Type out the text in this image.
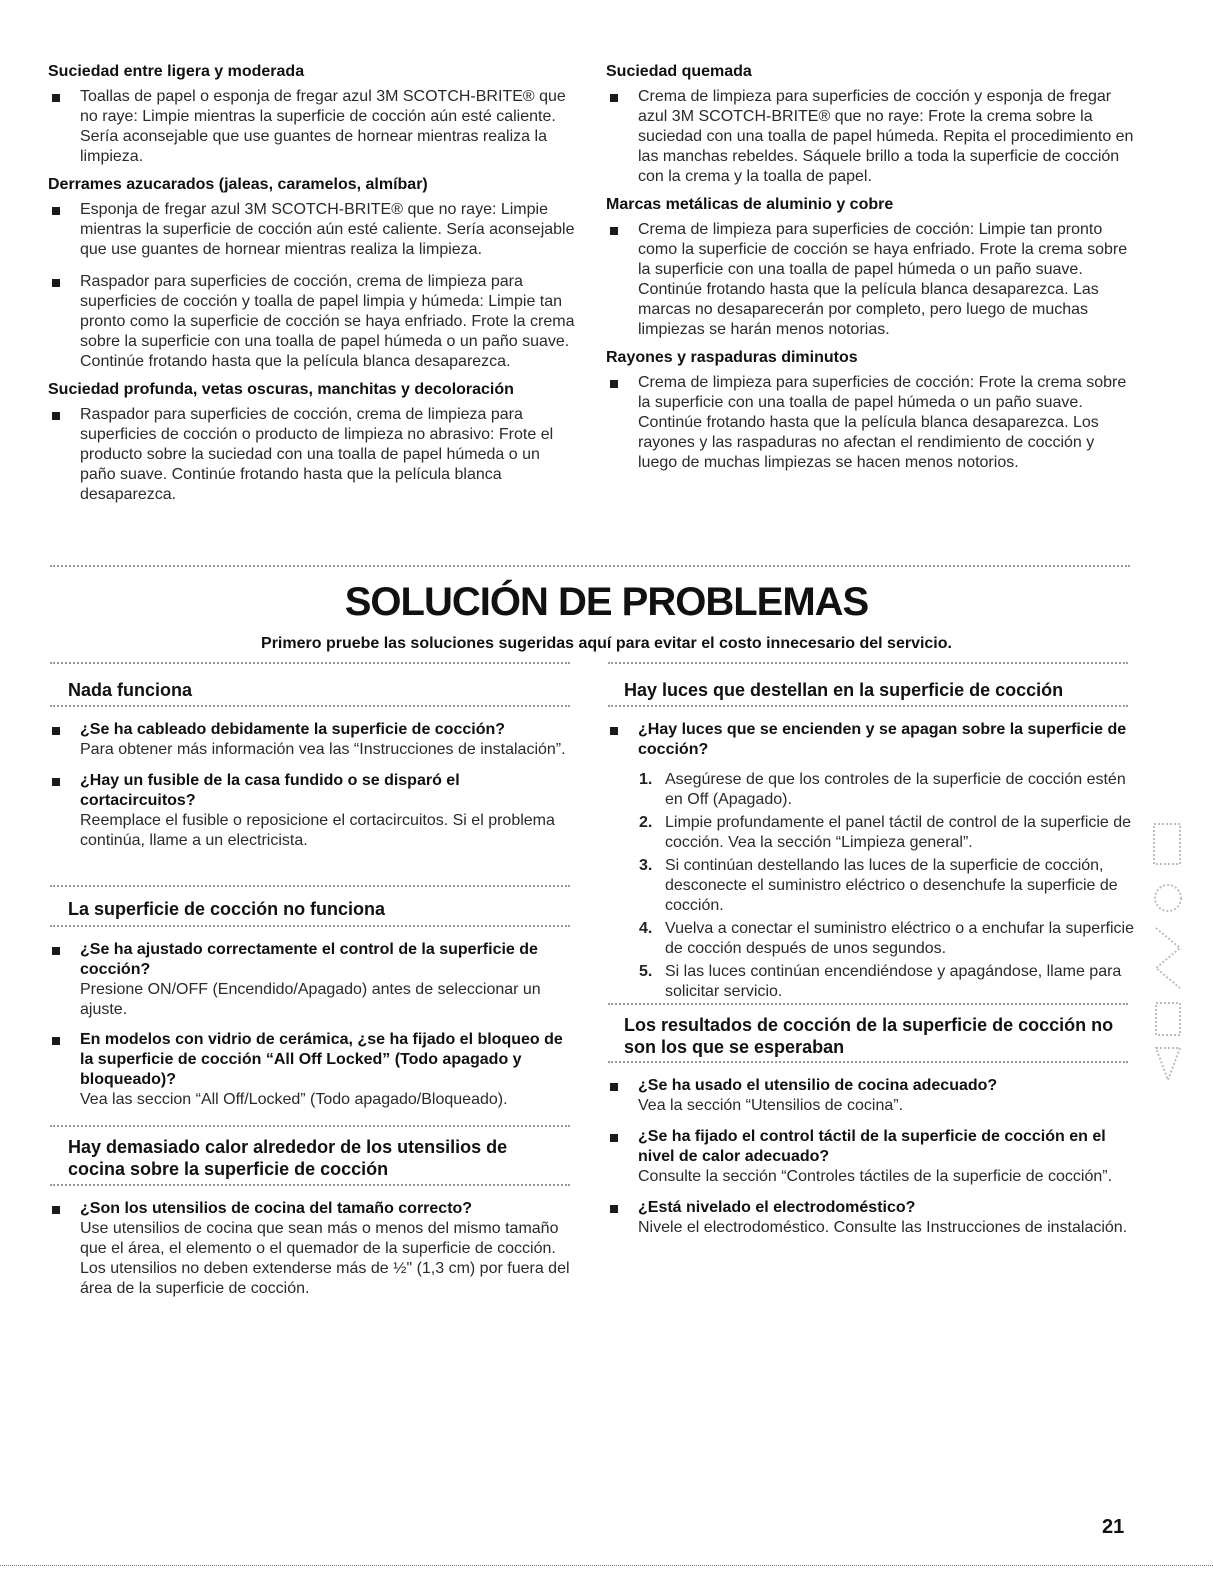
Suciedad entre ligera y moderada
Toallas de papel o esponja de fregar azul 3M SCOTCH-BRITE® que no raye: Limpie mientras la superficie de cocción aún esté caliente. Sería aconsejable que use guantes de hornear mientras realiza la limpieza.
Derrames azucarados (jaleas, caramelos, almíbar)
Esponja de fregar azul 3M SCOTCH-BRITE® que no raye: Limpie mientras la superficie de cocción aún esté caliente. Sería aconsejable que use guantes de hornear mientras realiza la limpieza.
Raspador para superficies de cocción, crema de limpieza para superficies de cocción y toalla de papel limpia y húmeda: Limpie tan pronto como la superficie de cocción se haya enfriado. Frote la crema sobre la superficie con una toalla de papel húmeda o un paño suave. Continúe frotando hasta que la película blanca desaparezca.
Suciedad profunda, vetas oscuras, manchitas y decoloración
Raspador para superficies de cocción, crema de limpieza para superficies de cocción o producto de limpieza no abrasivo: Frote el producto sobre la suciedad con una toalla de papel húmeda o un paño suave. Continúe frotando hasta que la película blanca desaparezca.
Suciedad quemada
Crema de limpieza para superficies de cocción y esponja de fregar azul 3M SCOTCH-BRITE® que no raye: Frote la crema sobre la suciedad con una toalla de papel húmeda. Repita el procedimiento en las manchas rebeldes. Sáquele brillo a toda la superficie de cocción con la crema y la toalla de papel.
Marcas metálicas de aluminio y cobre
Crema de limpieza para superficies de cocción: Limpie tan pronto como la superficie de cocción se haya enfriado. Frote la crema sobre la superficie con una toalla de papel húmeda o un paño suave. Continúe frotando hasta que la película blanca desaparezca. Las marcas no desaparecerán por completo, pero luego de muchas limpiezas se harán menos notorias.
Rayones y raspaduras diminutos
Crema de limpieza para superficies de cocción: Frote la crema sobre la superficie con una toalla de papel húmeda o un paño suave. Continúe frotando hasta que la película blanca desaparezca. Los rayones y las raspaduras no afectan el rendimiento de cocción y luego de muchas limpiezas se hacen menos notorios.
SOLUCIÓN DE PROBLEMAS
Primero pruebe las soluciones sugeridas aquí para evitar el costo innecesario del servicio.
Nada funciona
¿Se ha cableado debidamente la superficie de cocción?
Para obtener más información vea las “Instrucciones de instalación”.
¿Hay un fusible de la casa fundido o se disparó el cortacircuitos?
Reemplace el fusible o reposicione el cortacircuitos. Si el problema continúa, llame a un electricista.
La superficie de cocción no funciona
¿Se ha ajustado correctamente el control de la superficie de cocción?
Presione ON/OFF (Encendido/Apagado) antes de seleccionar un ajuste.
En modelos con vidrio de cerámica, ¿se ha fijado el bloqueo de la superficie de cocción “All Off Locked” (Todo apagado y bloqueado)?
Vea las seccion “All Off/Locked” (Todo apagado/Bloqueado).
Hay demasiado calor alrededor de los utensilios de cocina sobre la superficie de cocción
¿Son los utensilios de cocina del tamaño correcto?
Use utensilios de cocina que sean más o menos del mismo tamaño que el área, el elemento o el quemador de la superficie de cocción. Los utensilios no deben extenderse más de ½" (1,3 cm) por fuera del área de la superficie de cocción.
Hay luces que destellan en la superficie de cocción
¿Hay luces que se encienden y se apagan sobre la superficie de cocción?
Asegúrese de que los controles de la superficie de cocción estén en Off (Apagado).
Limpie profundamente el panel táctil de control de la superficie de cocción. Vea la sección “Limpieza general”.
Si continúan destellando las luces de la superficie de cocción, desconecte el suministro eléctrico o desenchufe la superficie de cocción.
Vuelva a conectar el suministro eléctrico o a enchufar la superficie de cocción después de unos segundos.
Si las luces continúan encendiéndose y apagándose, llame para solicitar servicio.
Los resultados de cocción de la superficie de cocción no son los que se esperaban
¿Se ha usado el utensilio de cocina adecuado?
Vea la sección “Utensilios de cocina”.
¿Se ha fijado el control táctil de la superficie de cocción en el nivel de calor adecuado?
Consulte la sección “Controles táctiles de la superficie de cocción”.
¿Está nivelado el electrodoméstico?
Nivele el electrodoméstico. Consulte las Instrucciones de instalación.
21
